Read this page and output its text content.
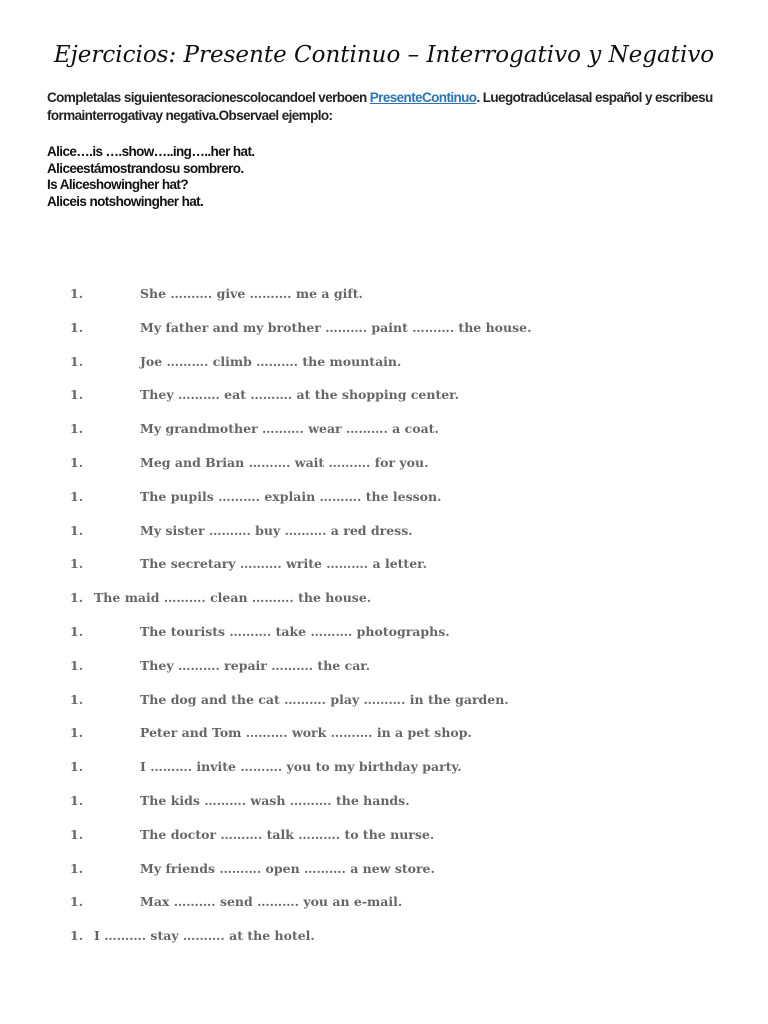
Ejercicios: Presente Continuo – Interrogativo y Negativo
Completalas siguientesoracionescolocandoel verboen PresenteContinuo. Luegotradúcelasal español y escribesu formainterrogativay negativa.Observael ejemplo:
Alice….is ….show…..ing…..her hat.
Aliceestámostrandosu sombrero.
Is Aliceshowingher hat?
Aliceis notshowingher hat.
1.	She ………. give ………. me a gift.
1.	My father and my brother ………. paint ………. the house.
1.	Joe ………. climb ………. the mountain.
1.	They ………. eat ………. at the shopping center.
1.	My grandmother ………. wear ………. a coat.
1.	Meg and Brian ………. wait ………. for you.
1.	The pupils ………. explain ………. the lesson.
1.	My sister ………. buy ………. a red dress.
1.	The secretary ………. write ………. a letter.
1. The maid ………. clean ………. the house.
1.	The tourists ………. take ………. photographs.
1.	They ………. repair ………. the car.
1.	The dog and the cat ………. play ………. in the garden.
1.	Peter and Tom ………. work ………. in a pet shop.
1.	I ………. invite ………. you to my birthday party.
1.	The kids ………. wash ………. the hands.
1.	The doctor ………. talk ………. to the nurse.
1.	My friends ………. open ………. a new store.
1.	Max ………. send ………. you an e-mail.
1. I ………. stay ………. at the hotel.
